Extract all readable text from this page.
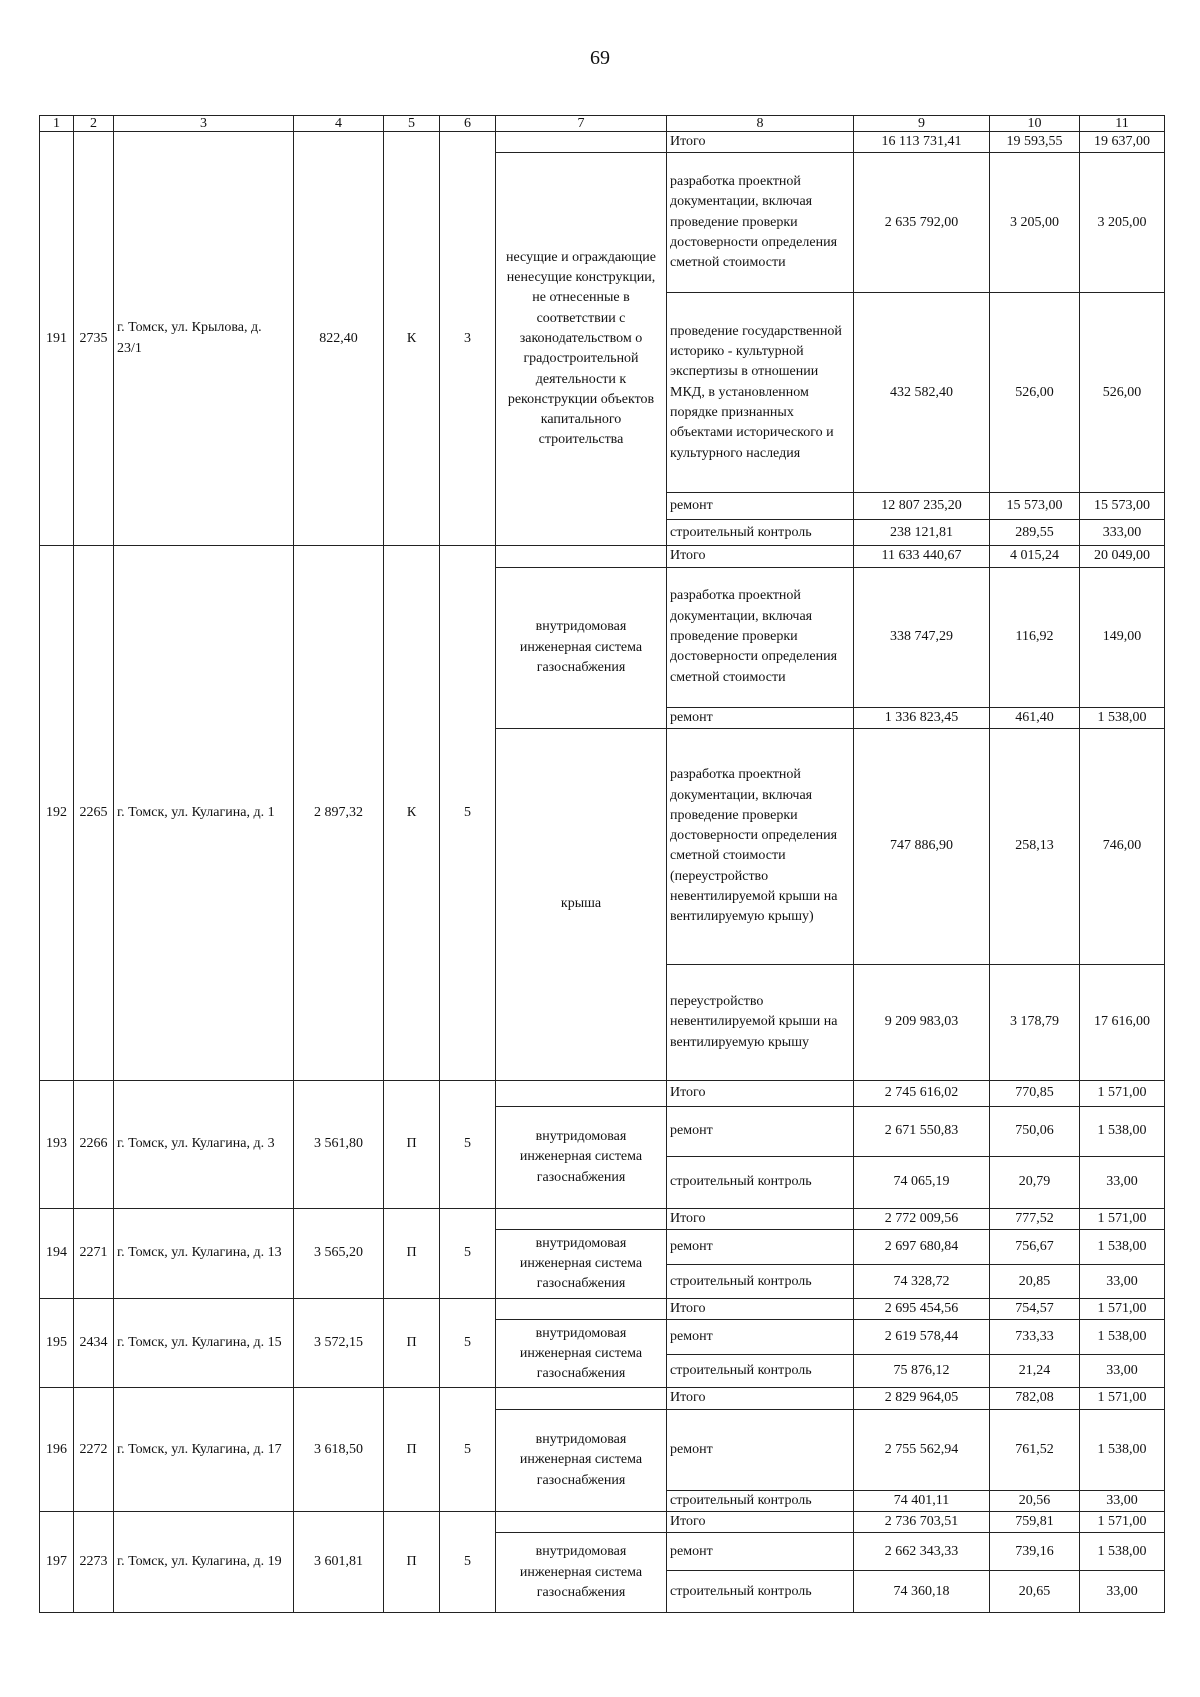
69
1	2	3	4	5	6	7	8	9	10	11
191	2735	г. Томск, ул. Крылова, д. 23/1	822,40	К	3		Итого	16 113 731,41	19 593,55	19 637,00
						несущие и ограждающие ненесущие конструкции, не отнесенные в соответствии с законодательством о градостроительной деятельности к реконструкции объектов капитального строительства	разработка проектной документации, включая проведение проверки достоверности определения сметной стоимости	2 635 792,00	3 205,00	3 205,00
							проведение государственной историко - культурной экспертизы в отношении МКД, в установленном порядке признанных объектами исторического и культурного наследия	432 582,40	526,00	526,00
							ремонт	12 807 235,20	15 573,00	15 573,00
							строительный контроль	238 121,81	289,55	333,00
192	2265	г. Томск, ул. Кулагина, д. 1	2 897,32	К	5		Итого	11 633 440,67	4 015,24	20 049,00
						внутридомовая инженерная система газоснабжения	разработка проектной документации, включая проведение проверки достоверности определения сметной стоимости	338 747,29	116,92	149,00
							ремонт	1 336 823,45	461,40	1 538,00
						крыша	разработка проектной документации, включая проведение проверки достоверности определения сметной стоимости (переустройство невентилируемой крыши на вентилируемую крышу)	747 886,90	258,13	746,00
							переустройство невентилируемой крыши на вентилируемую крышу	9 209 983,03	3 178,79	17 616,00
193	2266	г. Томск, ул. Кулагина, д. 3	3 561,80	П	5		Итого	2 745 616,02	770,85	1 571,00
						внутридомовая инженерная система газоснабжения	ремонт	2 671 550,83	750,06	1 538,00
							строительный контроль	74 065,19	20,79	33,00
194	2271	г. Томск, ул. Кулагина, д. 13	3 565,20	П	5		Итого	2 772 009,56	777,52	1 571,00
						внутридомовая инженерная система газоснабжения	ремонт	2 697 680,84	756,67	1 538,00
							строительный контроль	74 328,72	20,85	33,00
195	2434	г. Томск, ул. Кулагина, д. 15	3 572,15	П	5		Итого	2 695 454,56	754,57	1 571,00
						внутридомовая инженерная система газоснабжения	ремонт	2 619 578,44	733,33	1 538,00
							строительный контроль	75 876,12	21,24	33,00
196	2272	г. Томск, ул. Кулагина, д. 17	3 618,50	П	5		Итого	2 829 964,05	782,08	1 571,00
						внутридомовая инженерная система газоснабжения	ремонт	2 755 562,94	761,52	1 538,00
							строительный контроль	74 401,11	20,56	33,00
197	2273	г. Томск, ул. Кулагина, д. 19	3 601,81	П	5		Итого	2 736 703,51	759,81	1 571,00
						внутридомовая инженерная система газоснабжения	ремонт	2 662 343,33	739,16	1 538,00
							строительный контроль	74 360,18	20,65	33,00
